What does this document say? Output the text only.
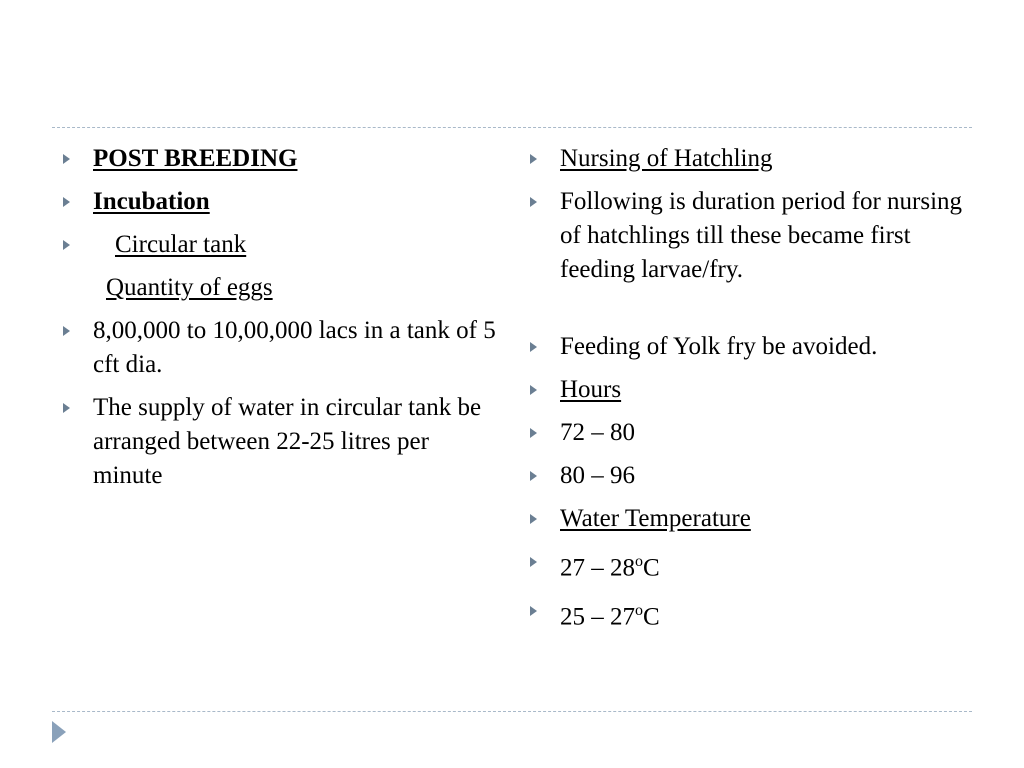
POST BREEDING
Incubation
Circular tank
Quantity of eggs
8,00,000 to 10,00,000 lacs in a tank of 5 cft dia.
The supply of water in circular tank be arranged between 22-25 litres per minute
Nursing of Hatchling
Following is duration period for nursing of hatchlings till these became first feeding larvae/fry.
Feeding of Yolk fry be avoided.
Hours
72 – 80
80 – 96
Water Temperature
27 – 28$^o$C
25 – 27$^o$C
